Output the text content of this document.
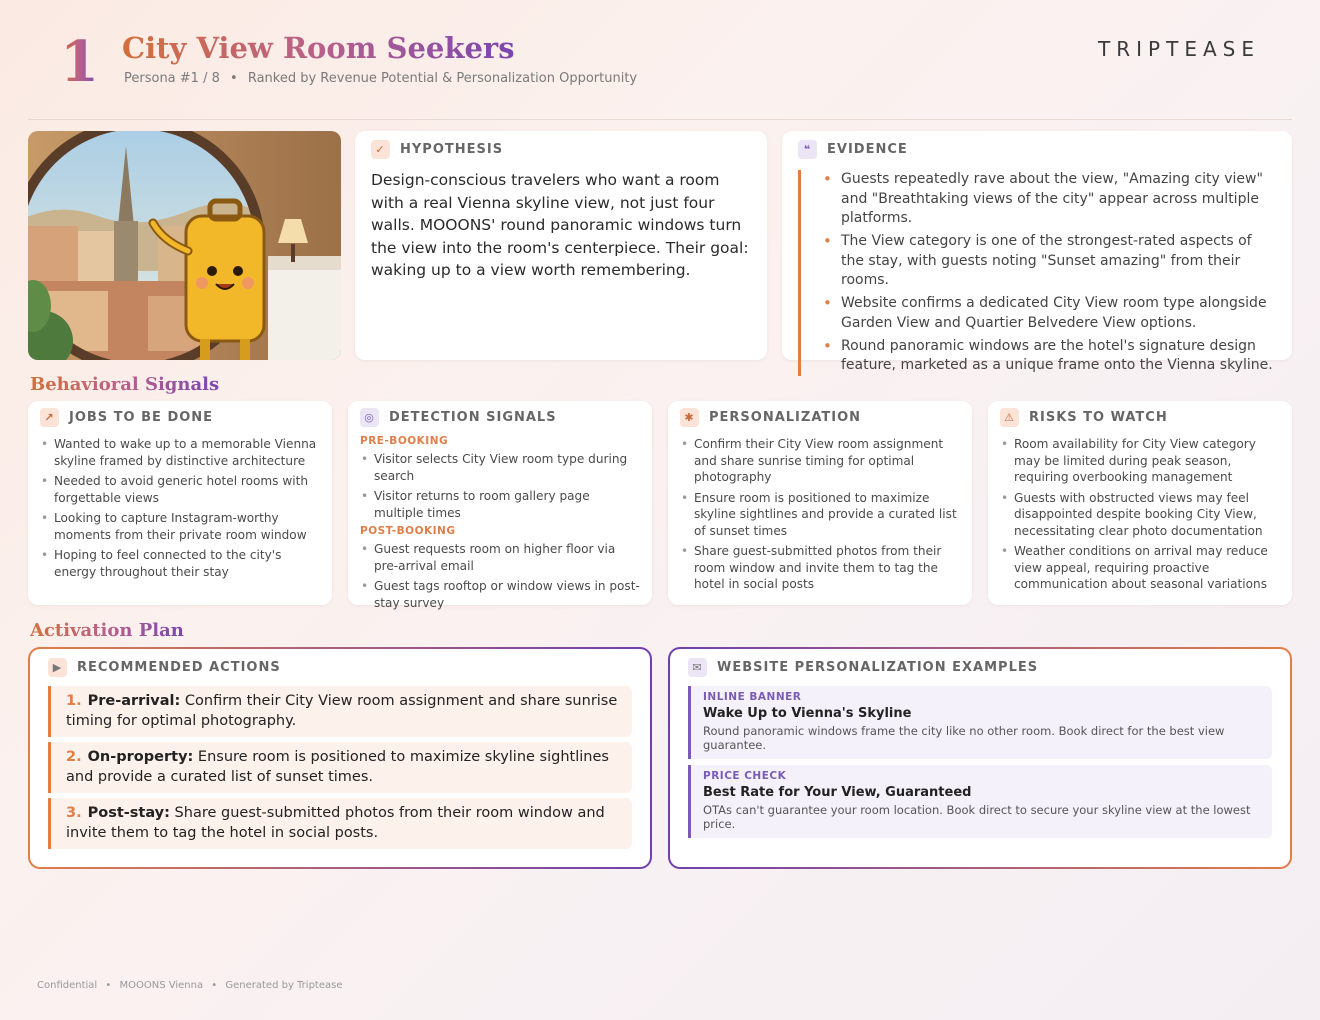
1 City View Room Seekers
Persona #1 / 8 • Ranked by Revenue Potential & Personalization Opportunity
TRIPTEASE
✓	HYPOTHESIS
Design-conscious travelers who want a room with a real Vienna skyline view, not just four walls. MOOONS' round panoramic windows turn the view into the room's centerpiece. Their goal: waking up to a view worth remembering.
❝	EVIDENCE
• Guests repeatedly rave about the view, "Amazing city view" and "Breathtaking views of the city" appear across multiple platforms.
• The View category is one of the strongest-rated aspects of the stay, with guests noting "Sunset amazing" from their rooms.
• Website confirms a dedicated City View room type alongside Garden View and Quartier Belvedere View options.
• Round panoramic windows are the hotel's signature design feature, marketed as a unique frame onto the Vienna skyline.
Behavioral Signals
↗	JOBS TO BE DONE
• Wanted to wake up to a memorable Vienna skyline framed by distinctive architecture
• Needed to avoid generic hotel rooms with forgettable views
• Looking to capture Instagram-worthy moments from their private room window
• Hoping to feel connected to the city's energy throughout their stay
◎	DETECTION SIGNALS
PRE-BOOKING
• Visitor selects City View room type during search
• Visitor returns to room gallery page multiple times
POST-BOOKING
• Guest requests room on higher floor via pre-arrival email
• Guest tags rooftop or window views in post-stay survey
✱	PERSONALIZATION
• Confirm their City View room assignment and share sunrise timing for optimal photography
• Ensure room is positioned to maximize skyline sightlines and provide a curated list of sunset times
• Share guest-submitted photos from their room window and invite them to tag the hotel in social posts
⚠	RISKS TO WATCH
• Room availability for City View category may be limited during peak season, requiring overbooking management
• Guests with obstructed views may feel disappointed despite booking City View, necessitating clear photo documentation
• Weather conditions on arrival may reduce view appeal, requiring proactive communication about seasonal variations
Activation Plan
▶	RECOMMENDED ACTIONS
1. Pre-arrival: Confirm their City View room assignment and share sunrise timing for optimal photography.
2. On-property: Ensure room is positioned to maximize skyline sightlines and provide a curated list of sunset times.
3. Post-stay: Share guest-submitted photos from their room window and invite them to tag the hotel in social posts.
✉	WEBSITE PERSONALIZATION EXAMPLES
INLINE BANNER
Wake Up to Vienna's Skyline
Round panoramic windows frame the city like no other room. Book direct for the best view guarantee.
PRICE CHECK
Best Rate for Your View, Guaranteed
OTAs can't guarantee your room location. Book direct to secure your skyline view at the lowest price.
Confidential • MOOONS Vienna • Generated by Triptease
